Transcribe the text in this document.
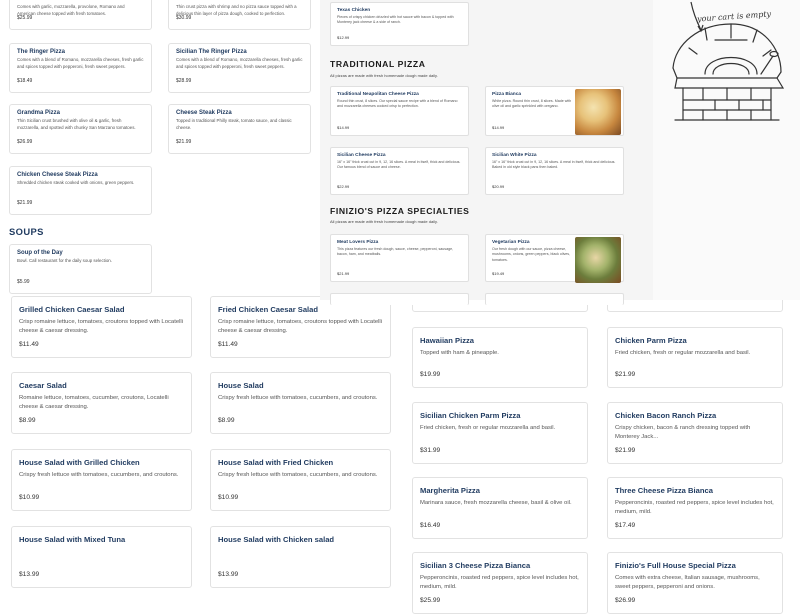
Comes with garlic, mozzarella, provolone, Romano and American cheese topped with fresh tomatoes.
$25.99
The Ringer Pizza
Comes with a blend of Romano, mozzarella cheeses, fresh garlic and spices topped with pepperoni, fresh sweet peppers.
$18.49
Grandma Pizza
Thin Sicilian crust brushed with olive oil & garlic, fresh mozzarella, and spotted with chunky San Marzano tomatoes.
$26.99
Chicken Cheese Steak Pizza
Shredded chicken steak cooked with onions, green peppers.
$21.99
Thin crust pizza with shrimp and no pizza sauce topped with a delicious thin layer of pizza dough, cooked to perfection.
$30.99
Sicilian The Ringer Pizza
Comes with a blend of Romano, mozzarella cheeses, fresh garlic and spices topped with pepperoni, fresh sweet peppers.
$28.99
Cheese Steak Pizza
Topped in traditional Philly steak, tomato sauce, and classic cheese.
$21.99
SOUPS
Soup of the Day
Bowl. Call restaurant for the daily soup selection.
$5.99
Grilled Chicken Caesar Salad
Crisp romaine lettuce, tomatoes, croutons topped with Locatelli cheese & caesar dressing.
$11.49
Caesar Salad
Romaine lettuce, tomatoes, cucumber, croutons, Locatelli cheese & caesar dressing.
$8.99
House Salad with Grilled Chicken
Crispy fresh lettuce with tomatoes, cucumbers, and croutons.
$10.99
House Salad with Mixed Tuna
$13.99
Fried Chicken Caesar Salad
Crisp romaine lettuce, tomatoes, croutons topped with Locatelli cheese & caesar dressing.
$11.49
House Salad
Crispy fresh lettuce with tomatoes, cucumbers, and croutons.
$8.99
House Salad with Fried Chicken
Crispy fresh lettuce with tomatoes, cucumbers, and croutons.
$10.99
House Salad with Chicken salad
$13.99
Hawaiian Pizza
Topped with ham & pineapple.
$19.99
Sicilian Chicken Parm Pizza
Fried chicken, fresh or regular mozzarella and basil.
$31.99
Margherita Pizza
Marinara sauce, fresh mozzarella cheese, basil & olive oil.
$16.49
Sicilian 3 Cheese Pizza Bianca
Pepperoncinis, roasted red peppers, spice level includes hot, medium, mild.
$25.99
Chicken Parm Pizza
Fried chicken, fresh or regular mozzarella and basil.
$21.99
Chicken Bacon Ranch Pizza
Crispy chicken, bacon & ranch dressing topped with Monterey Jack...
$21.99
Three Cheese Pizza Bianca
Pepperoncinis, roasted red peppers, spice level includes hot, medium, mild.
$17.49
Finizio's Full House Special Pizza
Comes with extra cheese, Italian sausage, mushrooms, sweet peppers, pepperoni and onions.
$26.99
Texas Chicken
Pieces of crispy chicken drizzled with hot sauce with bacon & topped with Monterey jack cheese & a side of ranch.
$12.99
TRADITIONAL PIZZA
All pizzas are made with fresh homemade dough made daily.
Traditional Neapolitan Cheese Pizza
Round thin crust, 8 slices. Our special sauce recipe with a blend of Romano and mozzarella cheeses cooked crisp to perfection.
$14.99
Pizza Bianca
White pizza. Round thin crust, 8 slices. Made with olive oil and garlic sprinkled with oregano.
$14.99
Sicilian Cheese Pizza
16" x 16" thick crust cut in 9, 12, 16 slices. A meal in itself, thick and delicious. Our famous blend of sauce and cheese.
$22.99
Sicilian White Pizza
16" x 16" thick crust cut in 9, 12, 16 slices. A meal in itself, thick and delicious. Baked in old style black pans then baked.
$20.99
FINIZIO'S PIZZA SPECIALTIES
All pizzas are made with fresh homemade dough made daily.
Meat Lovers Pizza
This pizza features our fresh dough, sauce, cheese, pepperoni, sausage, bacon, ham, and meatballs.
$21.99
Vegetarian Pizza
Our fresh dough with our sauce, pizza cheese, mushrooms, onions, green peppers, black olives, tomatoes.
$19.49
your cart is empty
